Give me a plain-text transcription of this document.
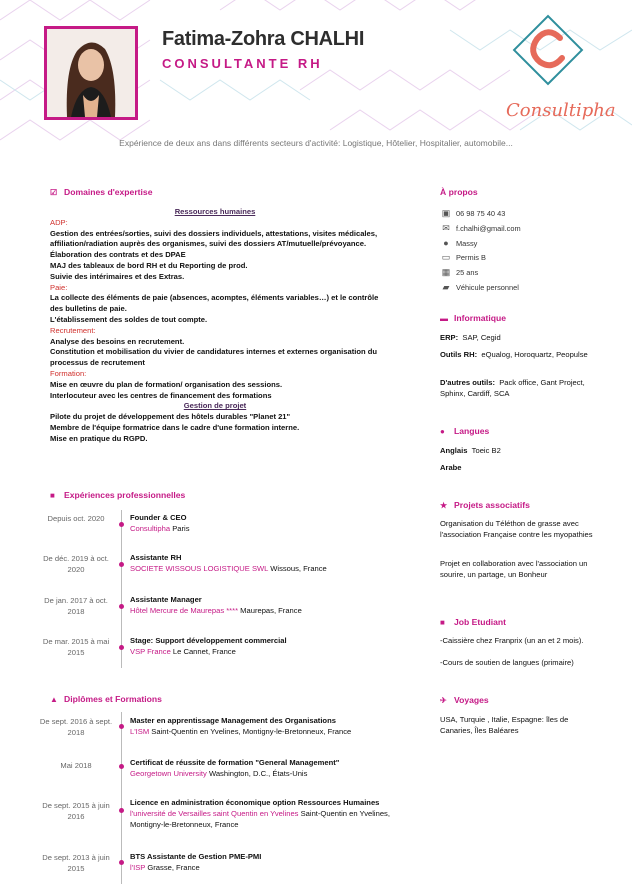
Fatima-Zohra CHALHI
CONSULTANTE RH
Consultipha
Expérience de deux ans dans différents secteurs d'activité: Logistique, Hôtelier, Hospitalier, automobile...
☑ Domaines d'expertise
Ressources humaines
ADP:
Gestion des entrées/sorties, suivi des dossiers individuels, attestations, visites médicales, affiliation/radiation auprès des organismes, suivi des dossiers AT/mutuelle/prévoyance.
Élaboration des contrats et des DPAE
MAJ des tableaux de bord RH et du Reporting de prod.
Suivie des intérimaires et des Extras.
Paie:
La collecte des éléments de paie (absences, acomptes, éléments variables…) et le contrôle des bulletins de paie.
L'établissement des soldes de tout compte.
Recrutement:
Analyse des besoins en recrutement.
Constitution et mobilisation du vivier de candidatures internes et externes organisation du processus de recrutement
Formation:
Mise en œuvre du plan de formation/ organisation des sessions.
Interlocuteur avec les centres de financement des formations
Gestion de projet
Pilote du projet de développement des hôtels durables "Planet 21"
Membre de l'équipe formatrice dans le cadre d'une formation interne.
Mise en pratique du RGPD.
■ Expériences professionnelles
Depuis oct. 2020	Founder & CEO
Consultipha Paris
De déc. 2019 à oct. 2020
Assistante RH
SOCIETE WISSOUS LOGISTIQUE SWL Wissous, France
De jan. 2017 à oct. 2018
Assistante Manager
Hôtel Mercure de Maurepas **** Maurepas, France
De mar. 2015 à mai 2015
Stage: Support développement commercial
VSP France Le Cannet, France
▲ Diplômes et Formations
De sept. 2016 à sept. 2018
Master en apprentissage Management des Organisations
L'ISM Saint-Quentin en Yvelines, Montigny-le-Bretonneux, France
Mai 2018	Certificat de réussite de formation "General Management"
Georgetown University Washington, D.C., États-Unis
De sept. 2015 à juin 2016
Licence en administration économique option Ressources Humaines
l'université de Versailles saint Quentin en Yvelines Saint-Quentin en Yvelines, Montigny-le-Bretonneux, France
De sept. 2013 à juin 2015
BTS Assistante de Gestion PME-PMI
l'ISP Grasse, France
À propos
▣ 06 98 75 40 43
✉ f.chalhi@gmail.com
● Massy
▭ Permis B
▦ 25 ans
▰ Véhicule personnel
▬ Informatique
ERP: SAP, Cegid
Outils RH: eQualog, Horoquartz, Peopulse
D'autres outils: Pack office, Gant Project, Sphinx, Cardiff, SCA
● Langues
Anglais Toeic B2
Arabe
★ Projets associatifs
Organisation du Téléthon de grasse avec l'association Française contre les myopathies
Projet en collaboration avec l'association un sourire, un partage, un Bonheur
■ Job Etudiant
-Caissière chez Franprix (un an et 2 mois).
-Cours de soutien de langues (primaire)
✈ Voyages
USA, Turquie , Italie, Espagne: îles de Canaries, Îles Baléares
